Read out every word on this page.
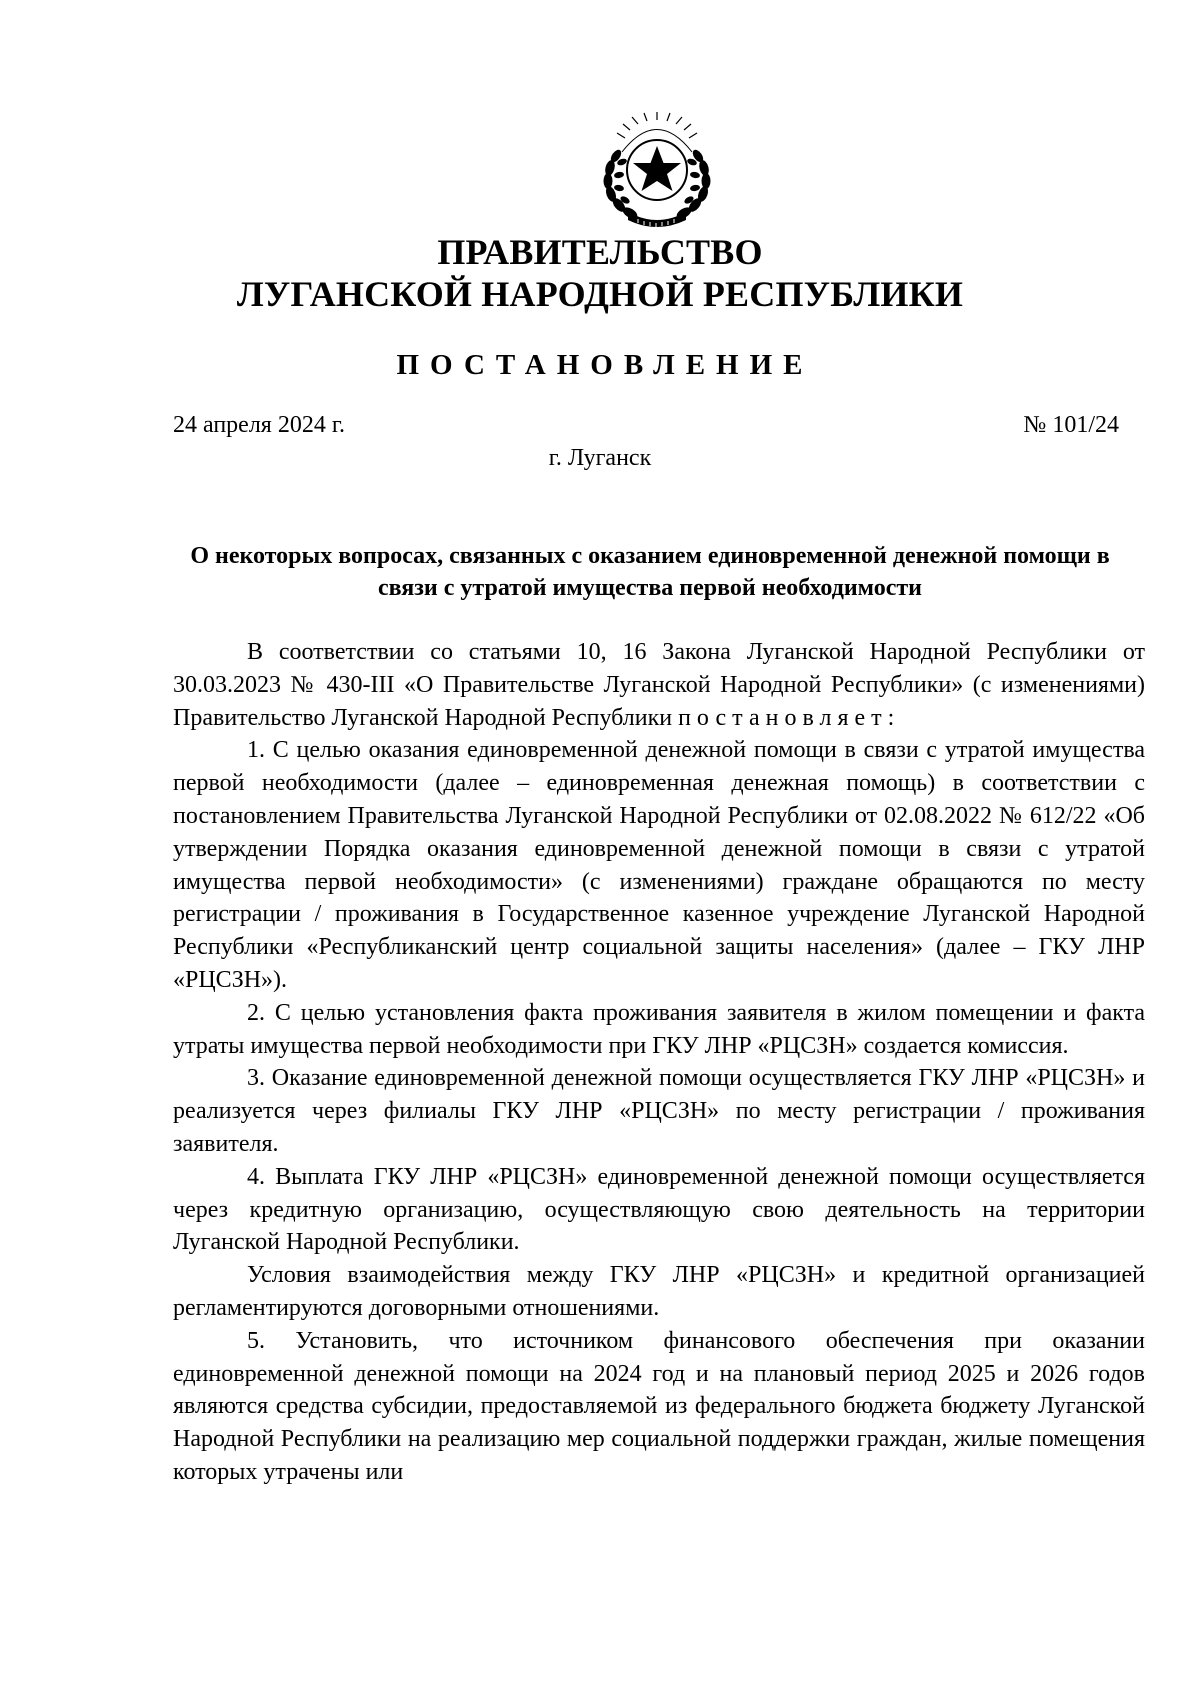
ПРАВИТЕЛЬСТВО
ЛУГАНСКОЙ НАРОДНОЙ РЕСПУБЛИКИ
ПОСТАНОВЛЕНИЕ
24 апреля 2024 г.	№ 101/24
г. Луганск
О некоторых вопросах, связанных с оказанием единовременной денежной помощи в связи с утратой имущества первой необходимости

В соответствии со статьями 10, 16 Закона Луганской Народной Республики от 30.03.2023 № 430-III «О Правительстве Луганской Народной Республики» (с изменениями) Правительство Луганской Народной Республики постановляет:

1. С целью оказания единовременной денежной помощи в связи с утратой имущества первой необходимости (далее – единовременная денежная помощь) в соответствии с постановлением Правительства Луганской Народной Республики от 02.08.2022 № 612/22 «Об утверждении Порядка оказания единовременной денежной помощи в связи с утратой имущества первой необходимости» (с изменениями) граждане обращаются по месту регистрации / проживания в Государственное казенное учреждение Луганской Народной Республики «Республиканский центр социальной защиты населения» (далее – ГКУ ЛНР «РЦСЗН»).

2. С целью установления факта проживания заявителя в жилом помещении и факта утраты имущества первой необходимости при ГКУ ЛНР «РЦСЗН» создается комиссия.

3. Оказание единовременной денежной помощи осуществляется ГКУ ЛНР «РЦСЗН» и реализуется через филиалы ГКУ ЛНР «РЦСЗН» по месту регистрации / проживания заявителя.

4. Выплата ГКУ ЛНР «РЦСЗН» единовременной денежной помощи осуществляется через кредитную организацию, осуществляющую свою деятельность на территории Луганской Народной Республики.

Условия взаимодействия между ГКУ ЛНР «РЦСЗН» и кредитной организацией регламентируются договорными отношениями.

5. Установить, что источником финансового обеспечения при оказании единовременной денежной помощи на 2024 год и на плановый период 2025 и 2026 годов являются средства субсидии, предоставляемой из федерального бюджета бюджету Луганской Народной Республики на реализацию мер социальной поддержки граждан, жилые помещения которых утрачены или
